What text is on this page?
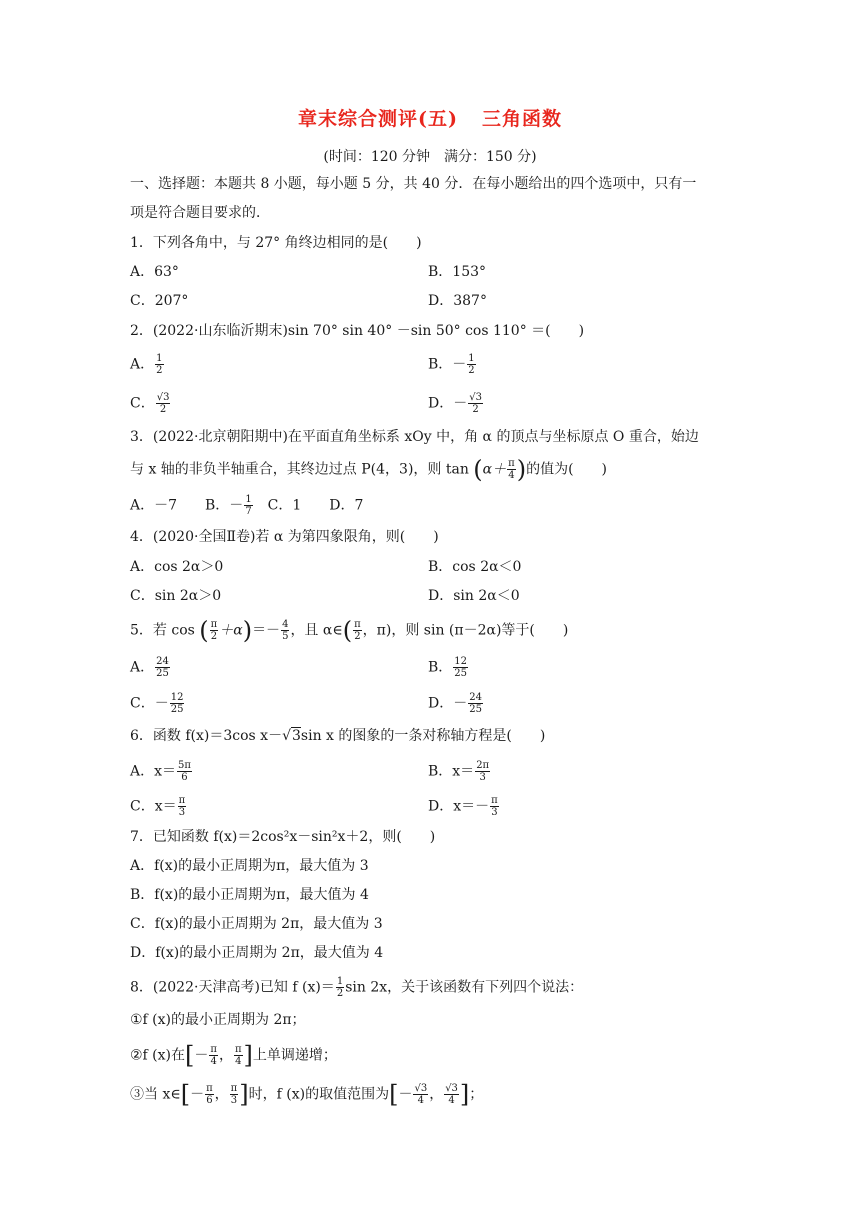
章末综合测评(五) 三角函数
(时间：120 分钟　满分：150 分)
一、选择题：本题共 8 小题，每小题 5 分，共 40 分．在每小题给出的四个选项中，只有一
项是符合题目要求的．
1．下列各角中，与 27° 角终边相同的是(　　)
A．63°	B．153°
C．207°	D．387°
2．(2022·山东临沂期末)sin 70° sin 40° －sin 50° cos 110° ＝(　　)
A． $\frac{1}{2}$	B．－ $\frac{1}{2}$
C． $\frac{√3}{2}$	D．－ $\frac{√3}{2}$
3．(2022·北京朝阳期中)在平面直角坐标系 xOy 中，角 α 的顶点与坐标原点 O 重合，始边
与 x 轴的非负半轴重合，其终边过点 P(4，3)，则 $\tan (\alpha+ \frac{\pi}{4}$ )的值为(　　)
A．－7　　B．－ $\frac{1}{7}$ 　C．1　　D．7
4．(2020·全国Ⅱ卷)若 α 为第四象限角，则(　　)
A．cos 2α＞0	B．cos 2α＜0
C．sin 2α＞0	D．sin 2α＜0
5．若 cos ( $\frac{\pi}{2} +\alpha)=- \frac{4}{5}$ ，且 α∈( $\frac{\pi}{2}$ ，π)，则 sin (π－2α)等于(　　)
A． $\frac{24}{25}$	B． $\frac{12}{25}$
C．－ $\frac{12}{25}$	D．－ $\frac{24}{25}$
6．函数 f(x)＝3cos x－√3sin x 的图象的一条对称轴方程是(　　)
A．$x= \frac{5\pi}{6}$	B．$x= \frac{2\pi}{3}$
C．$x= \frac{\pi}{3}$	D．$x=- \frac{\pi}{3}$
7．已知函数 f(x)＝2cos²x－sin²x＋2，则(　　)
A．f(x)的最小正周期为π，最大值为 3
B．f(x)的最小正周期为π，最大值为 4
C．f(x)的最小正周期为 2π，最大值为 3
D．f(x)的最小正周期为 2π，最大值为 4
8．(2022·天津高考)已知 f $(x)= \frac{1}{2}$ sin 2x，关于该函数有下列四个说法：
①f (x)的最小正周期为 2π；
②f (x)在[－ $\frac{\pi}{4}$ ， $\frac{\pi}{4}$ ]上单调递增；
③当 x∈[－ $\frac{\pi}{6}$ ， $\frac{\pi}{3}$ ]时，f (x)的取值范围为[－ $\frac{√3}{4}$ ， $\frac{√3}{4}$ ]；
